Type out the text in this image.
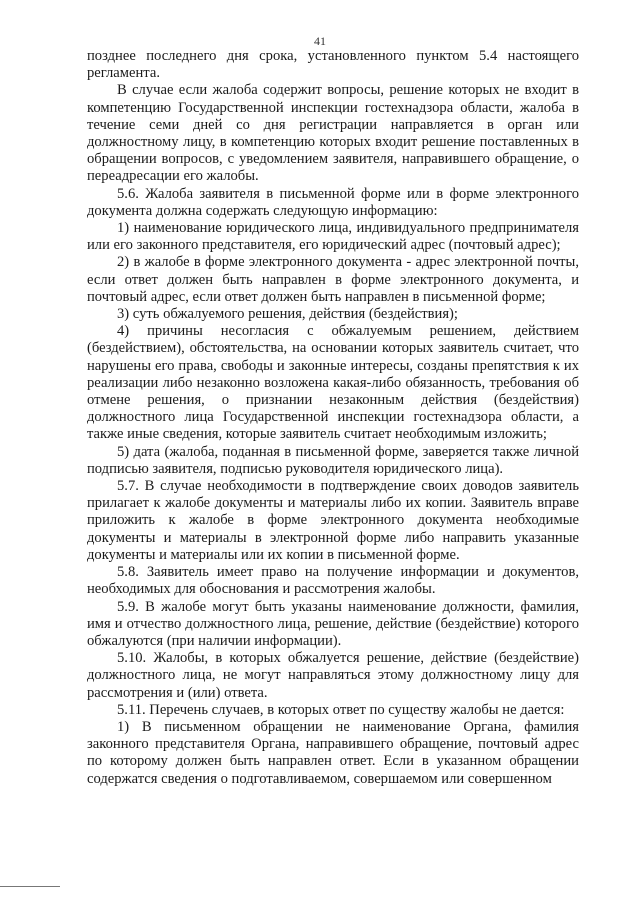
41

позднее последнего дня срока, установленного пунктом 5.4 настоящего регламента.

В случае если жалоба содержит вопросы, решение которых не входит в компетенцию Государственной инспекции гостехнадзора области, жалоба в течение семи дней со дня регистрации направляется в орган или должностному лицу, в компетенцию которых входит решение поставленных в обращении вопросов, с уведомлением заявителя, направившего обращение, о переадресации его жалобы.

5.6. Жалоба заявителя в письменной форме или в форме электронного документа должна содержать следующую информацию:

1) наименование юридического лица, индивидуального предпринимателя или его законного представителя, его юридический адрес (почтовый адрес);

2) в жалобе в форме электронного документа - адрес электронной почты, если ответ должен быть направлен в форме электронного документа, и почтовый адрес, если ответ должен быть направлен в письменной форме;

3) суть обжалуемого решения, действия (бездействия);

4) причины несогласия с обжалуемым решением, действием (бездействием), обстоятельства, на основании которых заявитель считает, что нарушены его права, свободы и законные интересы, созданы препятствия к их реализации либо незаконно возложена какая-либо обязанность, требования об отмене решения, о признании незаконным действия (бездействия) должностного лица Государственной инспекции гостехнадзора области, а также иные сведения, которые заявитель считает необходимым изложить;

5) дата (жалоба, поданная в письменной форме, заверяется также личной подписью заявителя, подписью руководителя юридического лица).

5.7. В случае необходимости в подтверждение своих доводов заявитель прилагает к жалобе документы и материалы либо их копии. Заявитель вправе приложить к жалобе в форме электронного документа необходимые документы и материалы в электронной форме либо направить указанные документы и материалы или их копии в письменной форме.

5.8. Заявитель имеет право на получение информации и документов, необходимых для обоснования и рассмотрения жалобы.

5.9. В жалобе могут быть указаны наименование должности, фамилия, имя и отчество должностного лица, решение, действие (бездействие) которого обжалуются (при наличии информации).

5.10. Жалобы, в которых обжалуется решение, действие (бездействие) должностного лица, не могут направляться этому должностному лицу для рассмотрения и (или) ответа.

5.11. Перечень случаев, в которых ответ по существу жалобы не дается:

1) В письменном обращении не наименование Органа, фамилия законного представителя Органа, направившего обращение, почтовый адрес по которому должен быть направлен ответ. Если в указанном обращении содержатся сведения о подготавливаемом, совершаемом или совершенном
